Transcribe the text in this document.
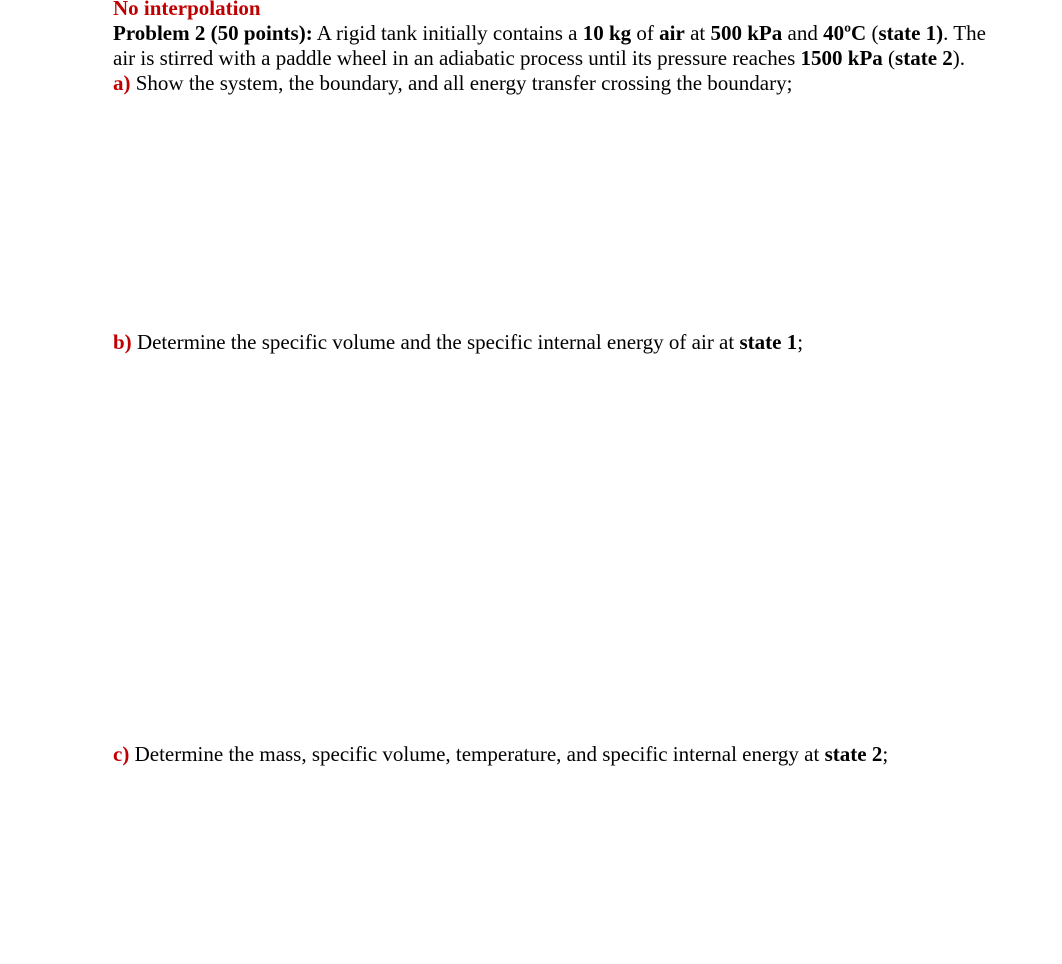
No interpolation

Problem 2 (50 points): A rigid tank initially contains a 10 kg of air at 500 kPa and 40ºC (state 1). The air is stirred with a paddle wheel in an adiabatic process until its pressure reaches 1500 kPa (state 2).

a) Show the system, the boundary, and all energy transfer crossing the boundary;

b) Determine the specific volume and the specific internal energy of air at state 1;

c) Determine the mass, specific volume, temperature, and specific internal energy at state 2;
